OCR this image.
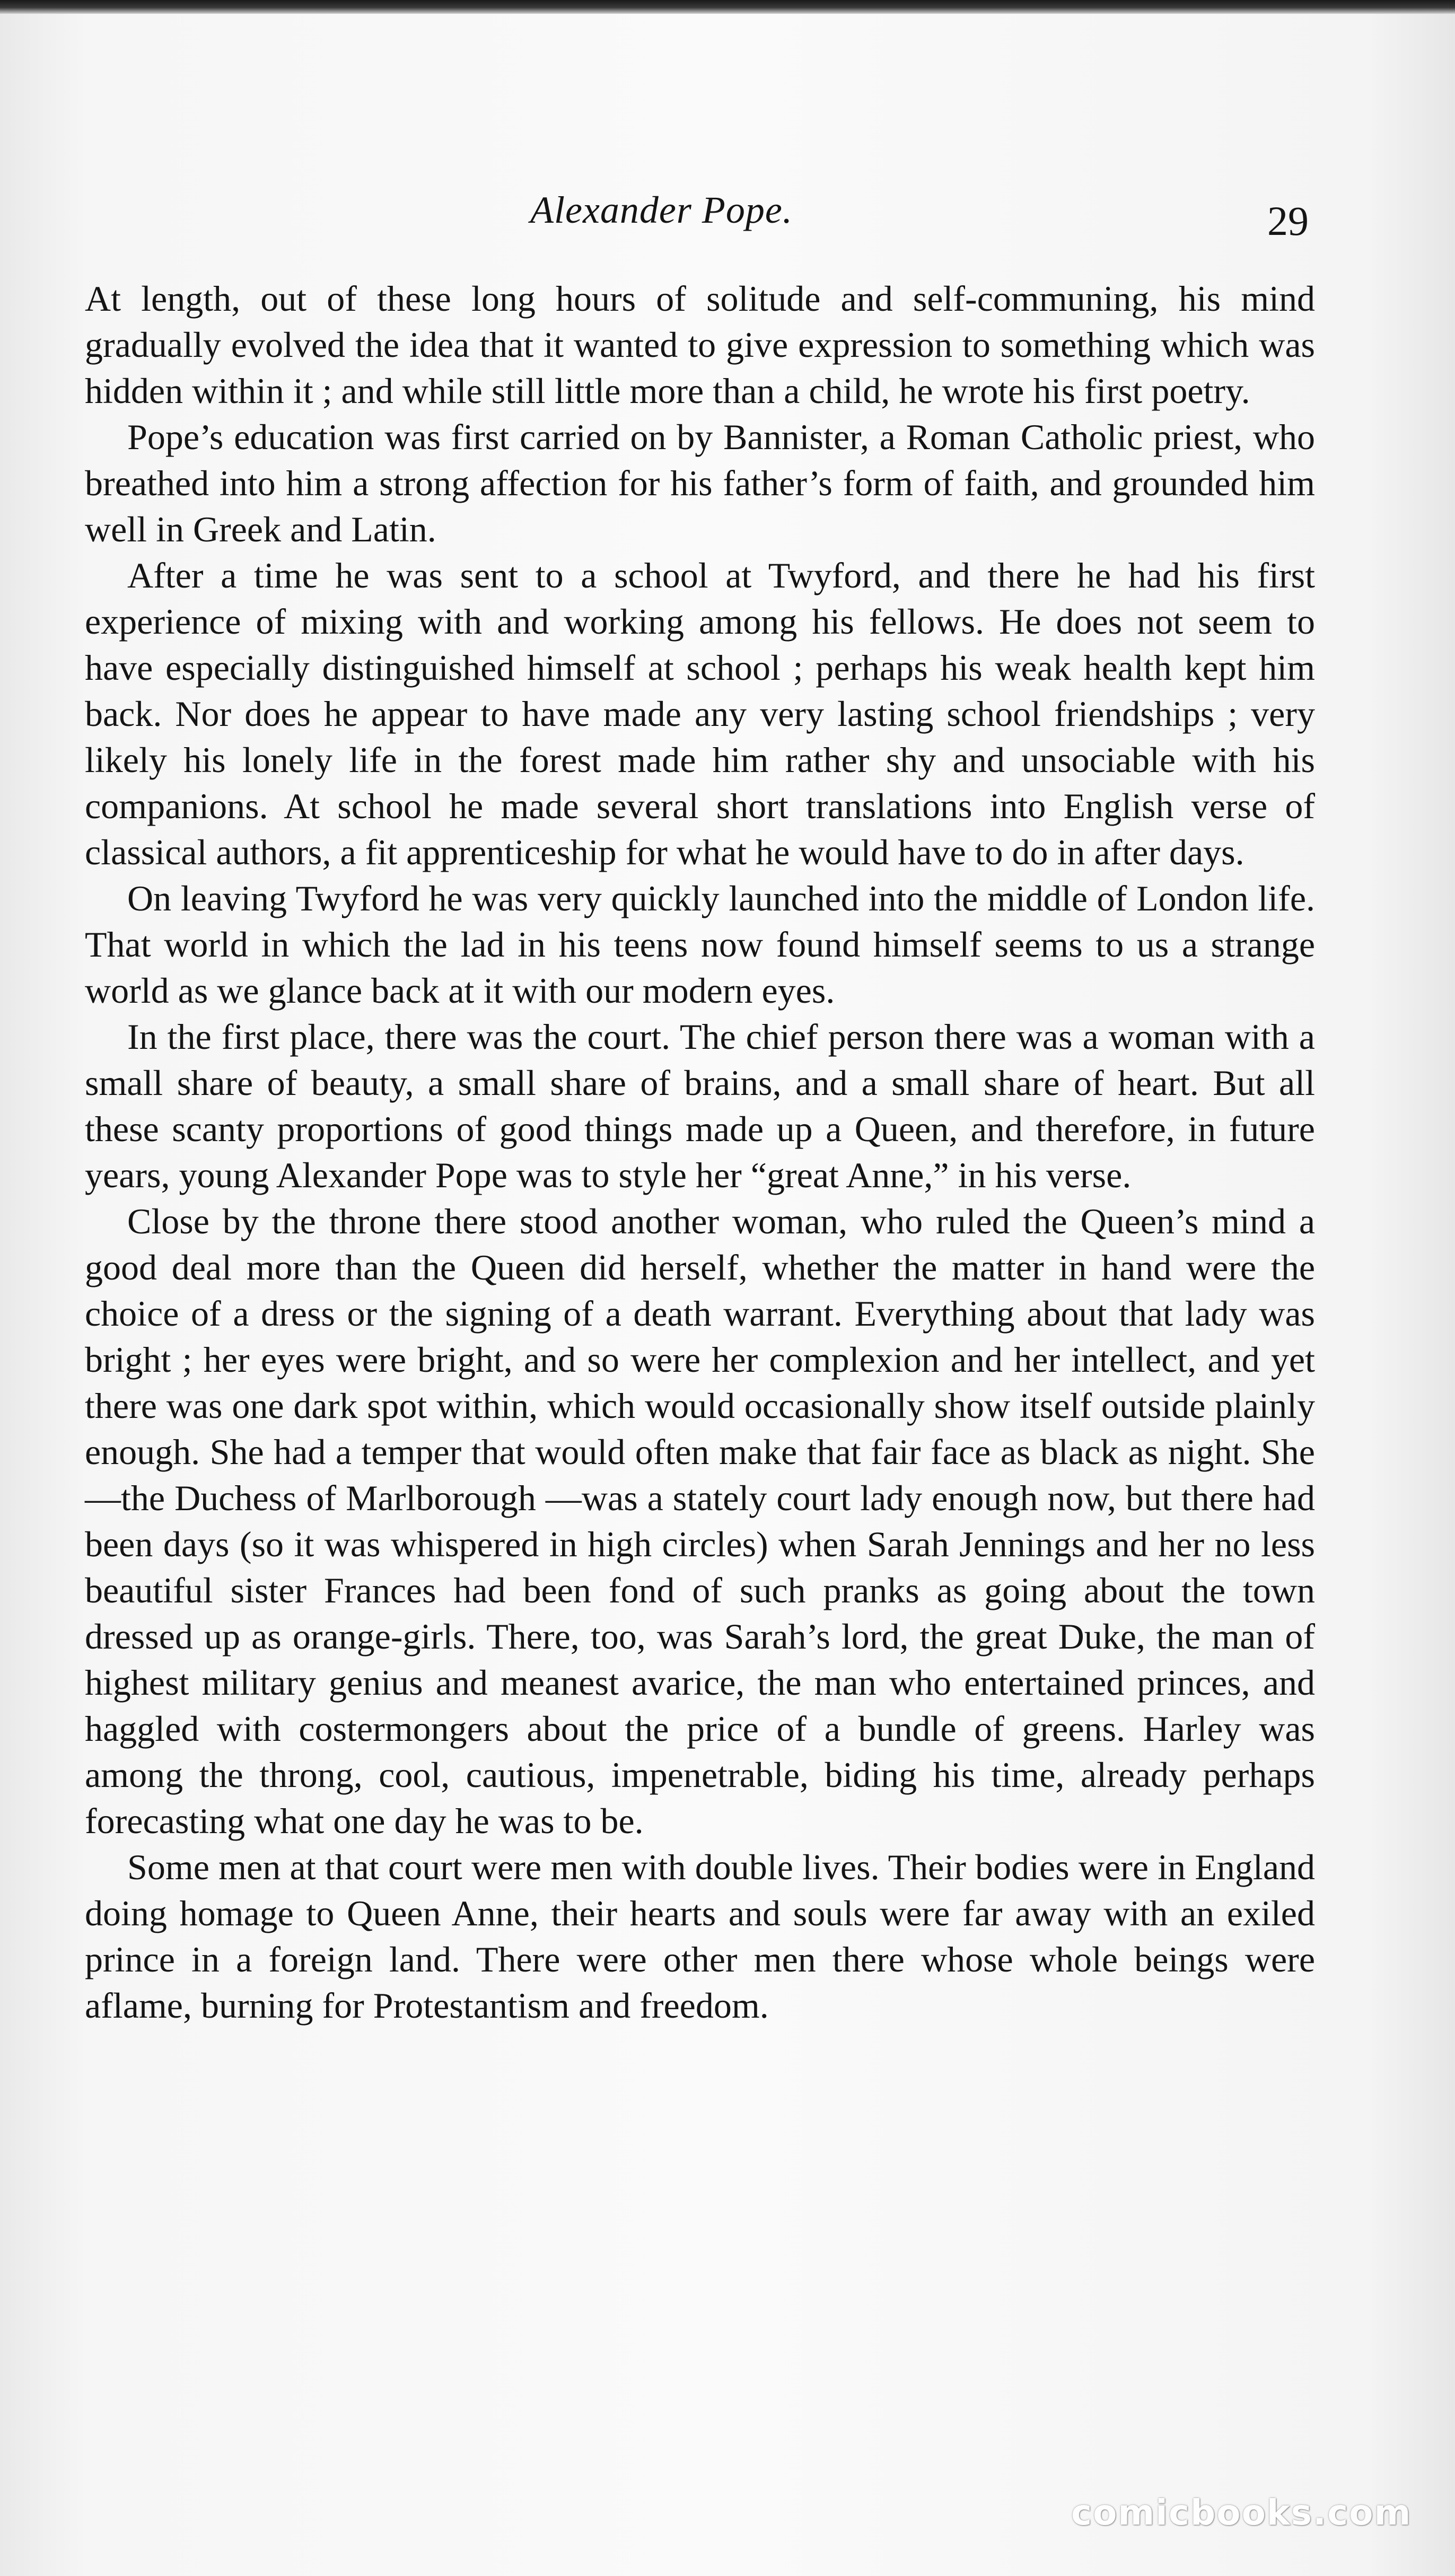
Alexander Pope.	29

At length, out of these long hours of solitude and self-communing, his mind gradually evolved the idea that it wanted to give expression to something which was hidden within it ; and while still little more than a child, he wrote his first poetry.

Pope’s education was first carried on by Bannister, a Roman Catholic priest, who breathed into him a strong affection for his father’s form of faith, and grounded him well in Greek and Latin.

After a time he was sent to a school at Twyford, and there he had his first experience of mixing with and working among his fellows. He does not seem to have especially distinguished himself at school ; perhaps his weak health kept him back. Nor does he appear to have made any very lasting school friendships ; very likely his lonely life in the forest made him rather shy and unsociable with his companions. At school he made several short translations into English verse of classical authors, a fit apprenticeship for what he would have to do in after days.

On leaving Twyford he was very quickly launched into the middle of London life. That world in which the lad in his teens now found himself seems to us a strange world as we glance back at it with our modern eyes.

In the first place, there was the court. The chief person there was a woman with a small share of beauty, a small share of brains, and a small share of heart. But all these scanty proportions of good things made up a Queen, and therefore, in future years, young Alexander Pope was to style her “great Anne,” in his verse.

Close by the throne there stood another woman, who ruled the Queen’s mind a good deal more than the Queen did herself, whether the matter in hand were the choice of a dress or the signing of a death warrant. Everything about that lady was bright ; her eyes were bright, and so were her complexion and her intellect, and yet there was one dark spot within, which would occasionally show itself outside plainly enough. She had a temper that would often make that fair face as black as night. She—the Duchess of Marlborough —was a stately court lady enough now, but there had been days (so it was whispered in high circles) when Sarah Jennings and her no less beautiful sister Frances had been fond of such pranks as going about the town dressed up as orange-girls. There, too, was Sarah’s lord, the great Duke, the man of highest military genius and meanest avarice, the man who entertained princes, and haggled with costermongers about the price of a bundle of greens. Harley was among the throng, cool, cautious, impenetrable, biding his time, already perhaps forecasting what one day he was to be.

Some men at that court were men with double lives. Their bodies were in England doing homage to Queen Anne, their hearts and souls were far away with an exiled prince in a foreign land. There were other men there whose whole beings were aflame, burning for Protestantism and freedom.

comicbooks.com
